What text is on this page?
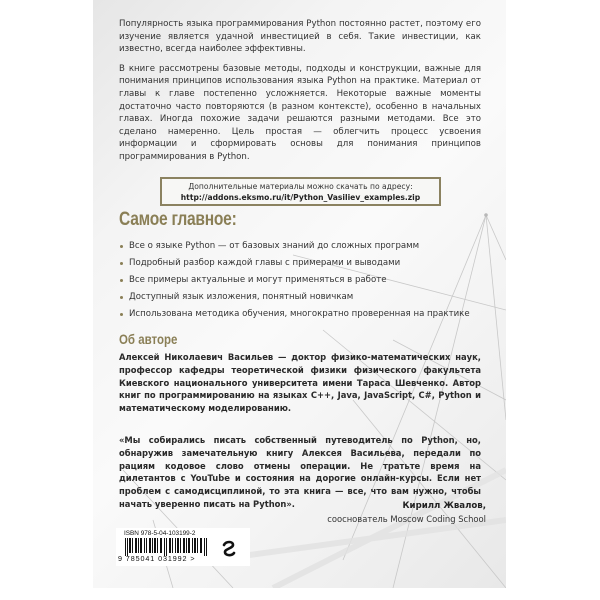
Популярность языка программирования Python постоянно растет, поэтому его изучение является удачной инвестицией в себя. Такие инвестиции, как известно, всегда наиболее эффективны.

В книге рассмотрены базовые методы, подходы и конструкции, важные для понимания принципов использования языка Python на практике. Материал от главы к главе постепенно усложняется. Некоторые важные моменты достаточно часто повторяются (в разном контексте), особенно в начальных главах. Иногда похожие задачи решаются разными методами. Все это сделано намеренно. Цель простая — облегчить процесс усвоения информации и сформировать основы для понимания принципов программирования в Python.

Дополнительные материалы можно скачать по адресу:
http://addons.eksmo.ru/it/Python_Vasiliev_examples.zip
Самое главное:
Все о языке Python — от базовых знаний до сложных программ
Подробный разбор каждой главы с примерами и выводами
Все примеры актуальные и могут применяться в работе
Доступный язык изложения, понятный новичкам
Использована методика обучения, многократно проверенная на практике
Об авторе

Алексей Николаевич Васильев — доктор физико-математических наук, профессор кафедры теоретической физики физического факультета Киевского национального университета имени Тараса Шевченко. Автор книг по программированию на языках C++, Java, JavaScript, C#, Python и математическому моделированию.

«Мы собирались писать собственный путеводитель по Python, но, обнаружив замечательную книгу Алексея Васильева, передали по рациям кодовое слово отмены операции. Не тратьте время на дилетантов с YouTube и состояния на дорогие онлайн-курсы. Если нет проблем с самодисциплиной, то эта книга — все, что вам нужно, чтобы начать уверенно писать на Python».	Кирилл Жвалов,
сооснователь Moscow Coding School
ISBN 978-5-04-103199-2
9 785041 031992 >
